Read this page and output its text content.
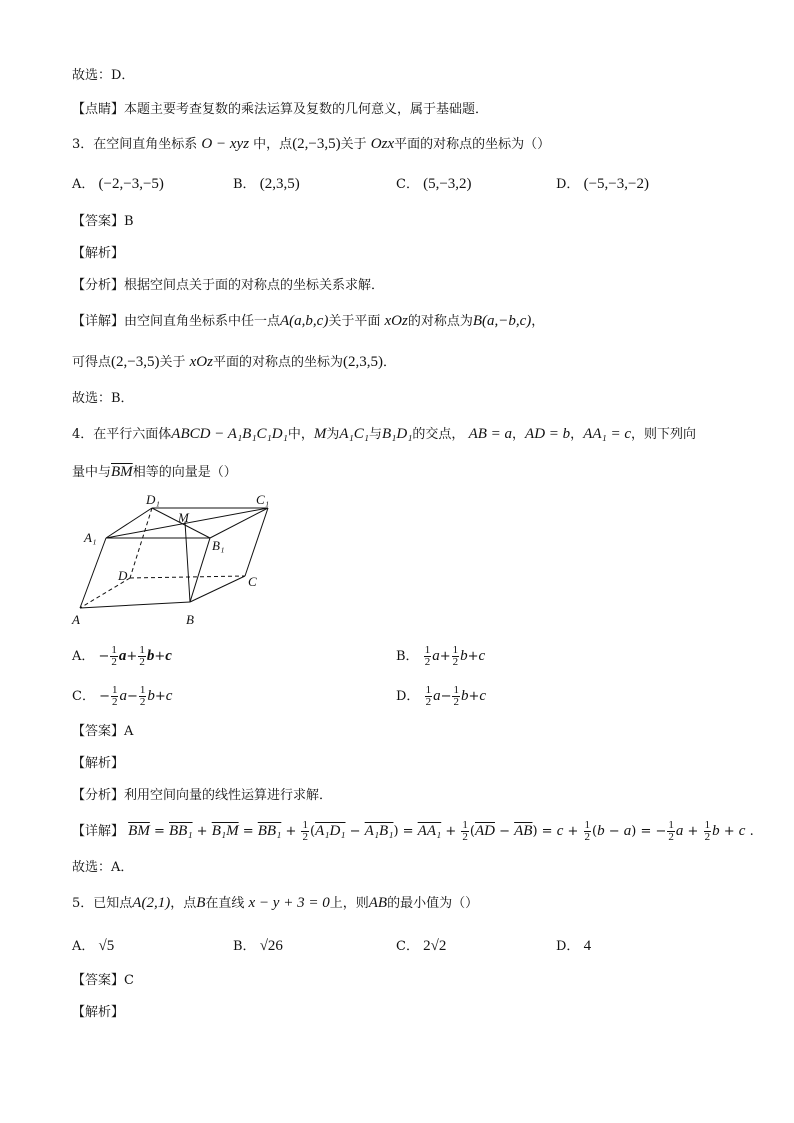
故选：D．
【点睛】本题主要考查复数的乘法运算及复数的几何意义，属于基础题．
3．在空间直角坐标系 O − xyz 中，点(2,−3,5)关于 Ozx平面的对称点的坐标为（）
A． (−2,−3,−5)	B． (2,3,5)	C． (5,−3,2)	D． (−5,−3,−2)
【答案】B
【解析】
【分析】根据空间点关于面的对称点的坐标关系求解．
【详解】由空间直角坐标系中任一点A(a,b,c)关于平面 xOz的对称点为B(a,−b,c)，
可得点(2,−3,5)关于 xOz平面的对称点的坐标为(2,3,5)．
故选：B．
4．在平行六面体ABCD − A₁B₁C₁D₁中，M为A₁C₁与B₁D₁的交点， AB = a，AD = b，AA₁ = c，则下列向
量中与$\overline{BM}$相等的向量是（）
D₁	C₁
M
A₁
B₁
D	C
A	B
A． − $\frac{1}{2} a+ \frac{1}{2} b+c$	B． $\frac{1}{2} a+ \frac{1}{2} b+c$
C． − $\frac{1}{2} a- \frac{1}{2} b+c$	D． $\frac{1}{2} a- \frac{1}{2} b+c$
【答案】A
【解析】
【分析】利用空间向量的线性运算进行求解．
【详解】 $\overline{BM} = BB_1 + B_1M = BB_1 + \frac{1}{2} (A_1D_1 - A_1B_1) = AA_1 + \frac{1}{2} (\overline{AD} - \overline{AB}) = c + \frac{1}{2} (b - a)$ = − $\frac{1}{2}$ $a + \frac{1}{2}$ b + c .
故选：A．
5．已知点A(2,1)，点B在直线 x − y + 3 = 0上，则AB的最小值为（）
A． √5	B． √26	C． 2√2	D． 4
【答案】C
【解析】
